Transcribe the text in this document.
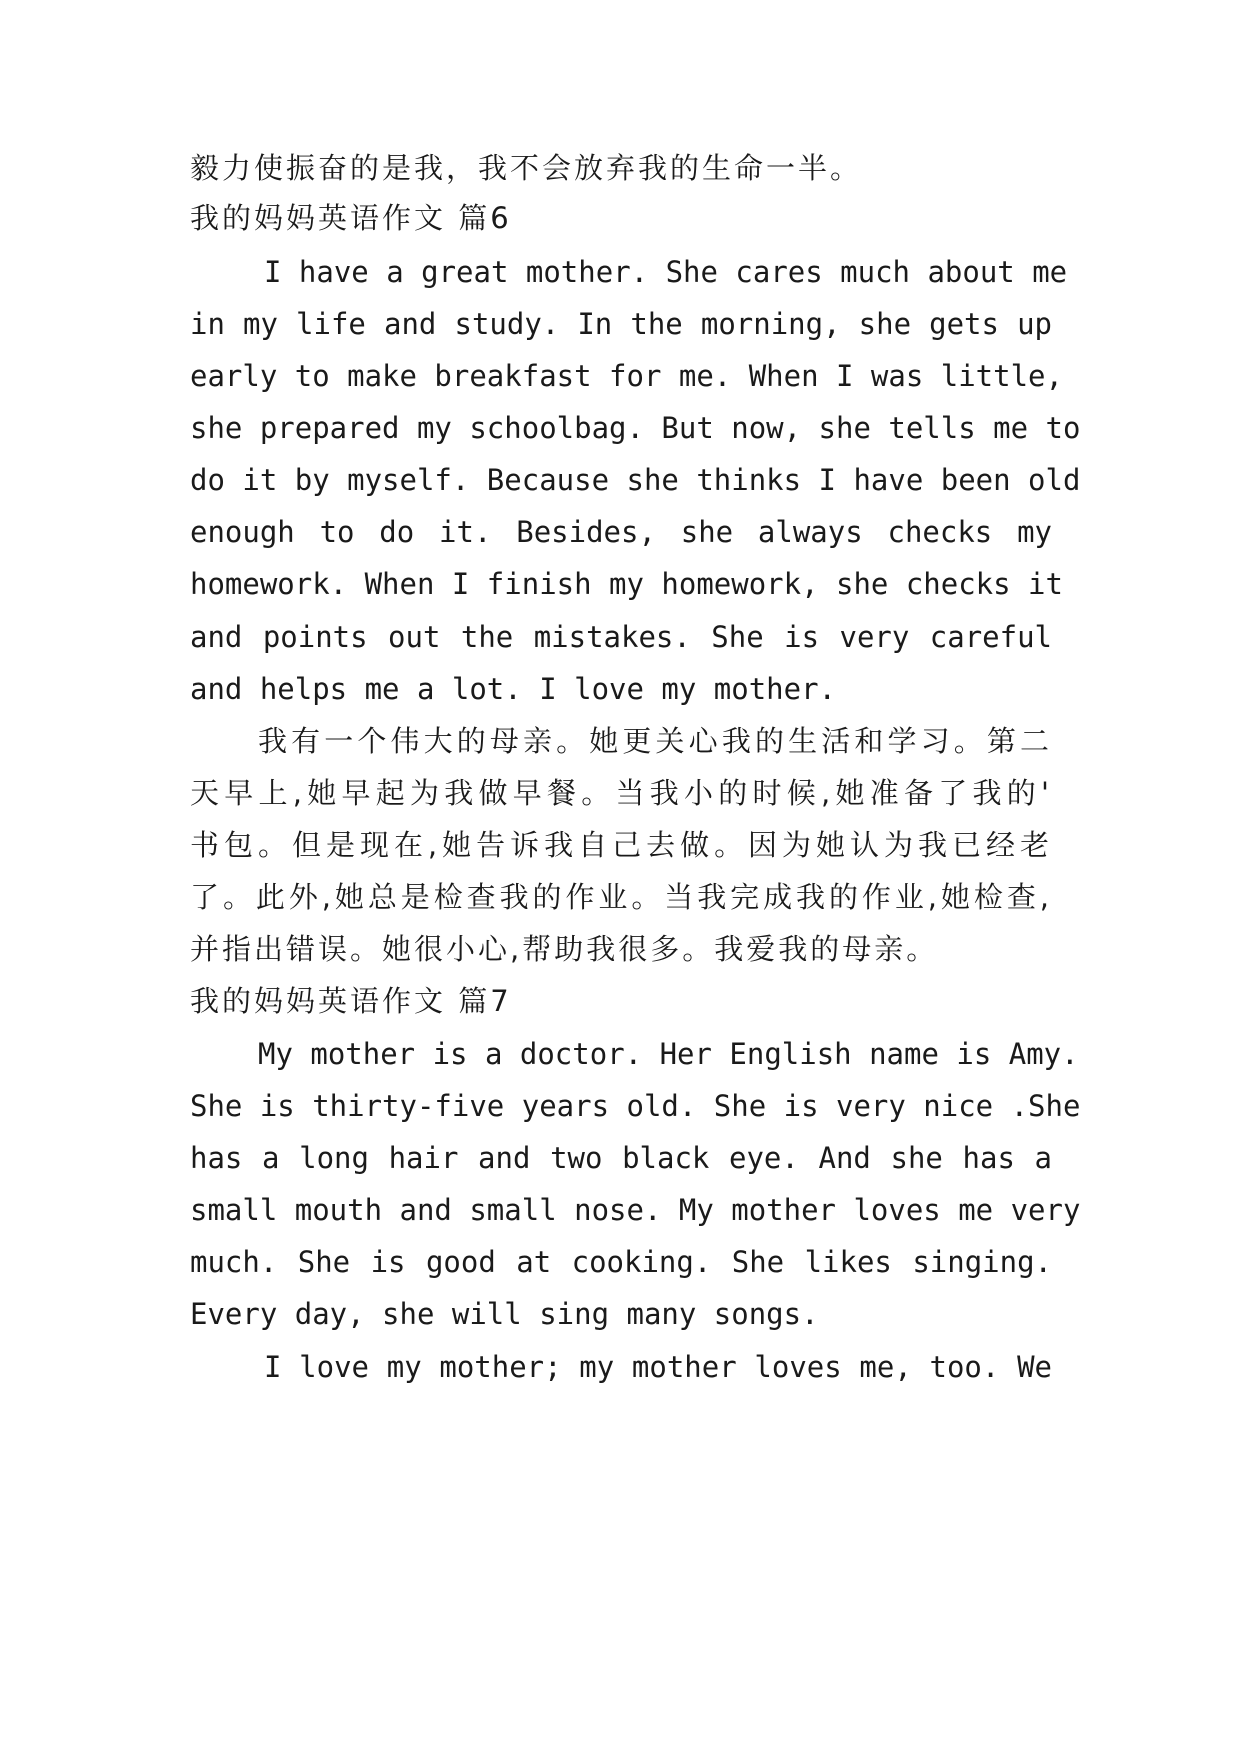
毅力使振奋的是我，我不会放弃我的生命一半。
我的妈妈英语作文 篇6
I have a great mother. She cares much about me
in my life and study. In the morning, she gets up
early to make breakfast for me. When I was little,
she prepared my schoolbag. But now, she tells me to
do it by myself. Because she thinks I have been old
enough to do it. Besides, she always checks my
homework. When I finish my homework, she checks it
and points out the mistakes. She is very careful
and helps me a lot. I love my mother.
我有一个伟大的母亲。她更关心我的生活和学习。第二
天早上,她早起为我做早餐。当我小的时候,她准备了我的'
书包。但是现在,她告诉我自己去做。因为她认为我已经老
了。此外,她总是检查我的作业。当我完成我的作业,她检查,
并指出错误。她很小心,帮助我很多。我爱我的母亲。
我的妈妈英语作文 篇7
My mother is a doctor. Her English name is Amy.
She is thirty-five years old. She is very nice .She
has a long hair and two black eye. And she has a
small mouth and small nose. My mother loves me very
much. She is good at cooking. She likes singing.
Every day, she will sing many songs.
I love my mother; my mother loves me, too. We
